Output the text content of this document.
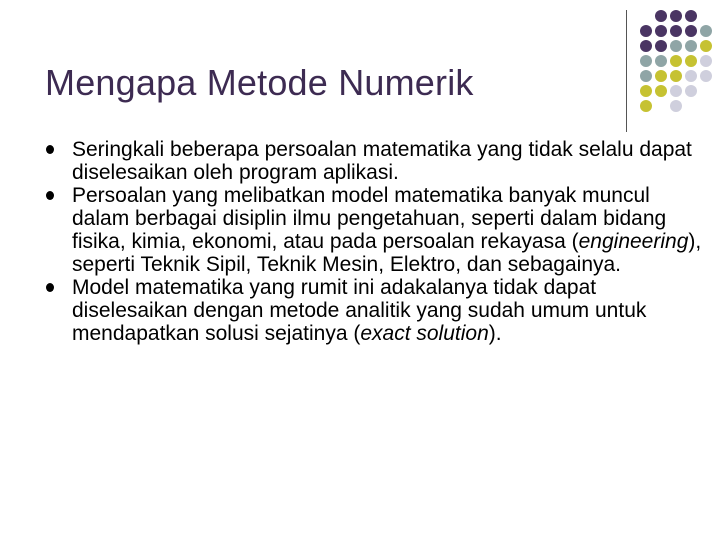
Mengapa Metode Numerik
Seringkali beberapa persoalan matematika yang tidak selalu dapat diselesaikan oleh program aplikasi.
Persoalan yang melibatkan model matematika banyak muncul dalam berbagai disiplin ilmu pengetahuan, seperti dalam bidang fisika, kimia, ekonomi, atau pada persoalan rekayasa (engineering), seperti Teknik Sipil, Teknik Mesin, Elektro, dan sebagainya.
Model matematika yang rumit ini adakalanya tidak dapat diselesaikan dengan metode analitik yang sudah umum untuk mendapatkan solusi sejatinya (exact solution).
